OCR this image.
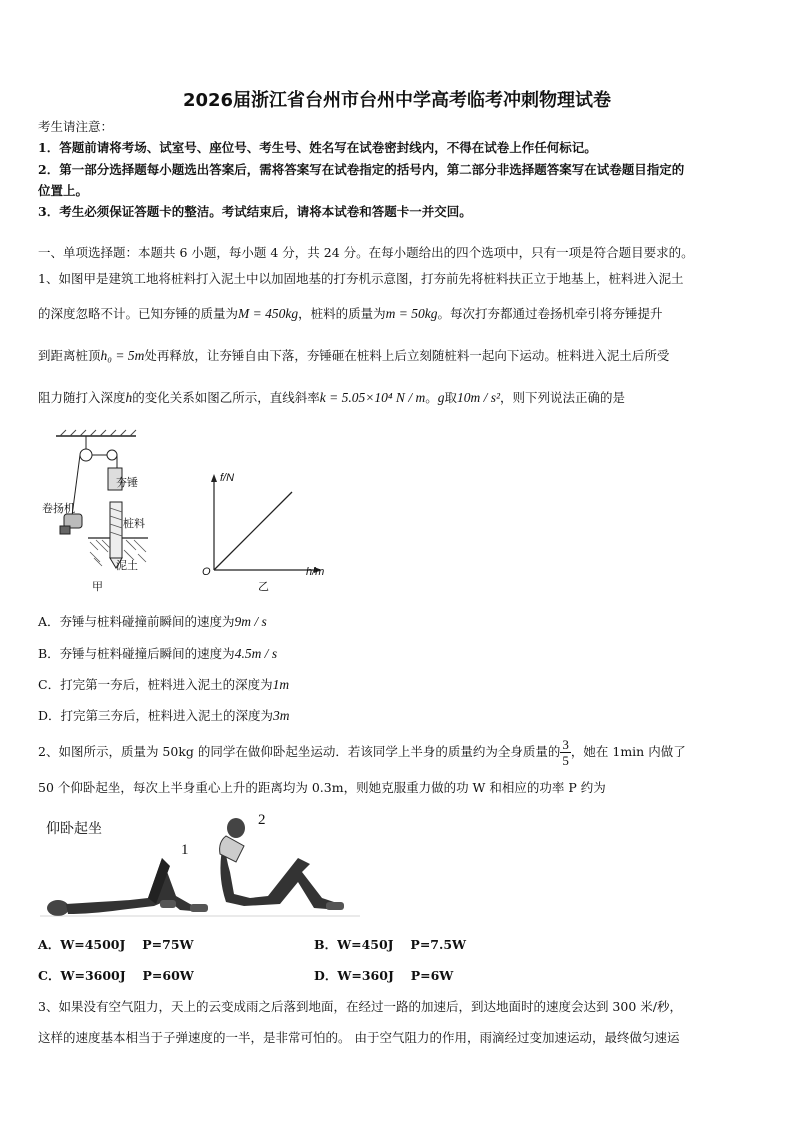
2026届浙江省台州市台州中学高考临考冲刺物理试卷
考生请注意：
1．答题前请将考场、试室号、座位号、考生号、姓名写在试卷密封线内，不得在试卷上作任何标记。
2．第一部分选择题每小题选出答案后，需将答案写在试卷指定的括号内，第二部分非选择题答案写在试卷题目指定的
位置上。
3．考生必须保证答题卡的整洁。考试结束后，请将本试卷和答题卡一并交回。
一、单项选择题：本题共 6 小题，每小题 4 分，共 24 分。在每小题给出的四个选项中，只有一项是符合题目要求的。
1、如图甲是建筑工地将桩料打入泥土中以加固地基的打夯机示意图，打夯前先将桩料扶正立于地基上，桩料进入泥土
的深度忽略不计。已知夯锤的质量为M = 450kg，桩料的质量为m = 50kg。每次打夯都通过卷扬机牵引将夯锤提升
到距离桩顶h₀ = 5m处再释放，让夯锤自由下落，夯锤砸在桩料上后立刻随桩料一起向下运动。桩料进入泥土后所受
阻力随打入深度h的变化关系如图乙所示，直线斜率k = 5.05×10⁴ N / m。g取10m / s²，则下列说法正确的是
夯锤
卷扬机
桩料
泥土
甲
f/N
h/m
O
乙
A．夯锤与桩料碰撞前瞬间的速度为9m / s
B．夯锤与桩料碰撞后瞬间的速度为4.5m / s
C．打完第一夯后，桩料进入泥土的深度为1m
D．打完第三夯后，桩料进入泥土的深度为3m
2、如图所示，质量为 50kg 的同学在做仰卧起坐运动．若该同学上半身的质量约为全身质量的 $\frac{3}{5}$ ，她在 1min 内做了
50 个仰卧起坐，每次上半身重心上升的距离均为 0.3m，则她克服重力做的功 W 和相应的功率 P 约为
仰卧起坐
1
2
A．W=4500J　 P=75W	B．W=450J　 P=7.5W
C．W=3600J　 P=60W	D．W=360J　 P=6W
3、如果没有空气阻力，天上的云变成雨之后落到地面，在经过一路的加速后，到达地面时的速度会达到 300 米/秒，
这样的速度基本相当于子弹速度的一半，是非常可怕的。 由于空气阻力的作用，雨滴经过变加速运动，最终做匀速运
